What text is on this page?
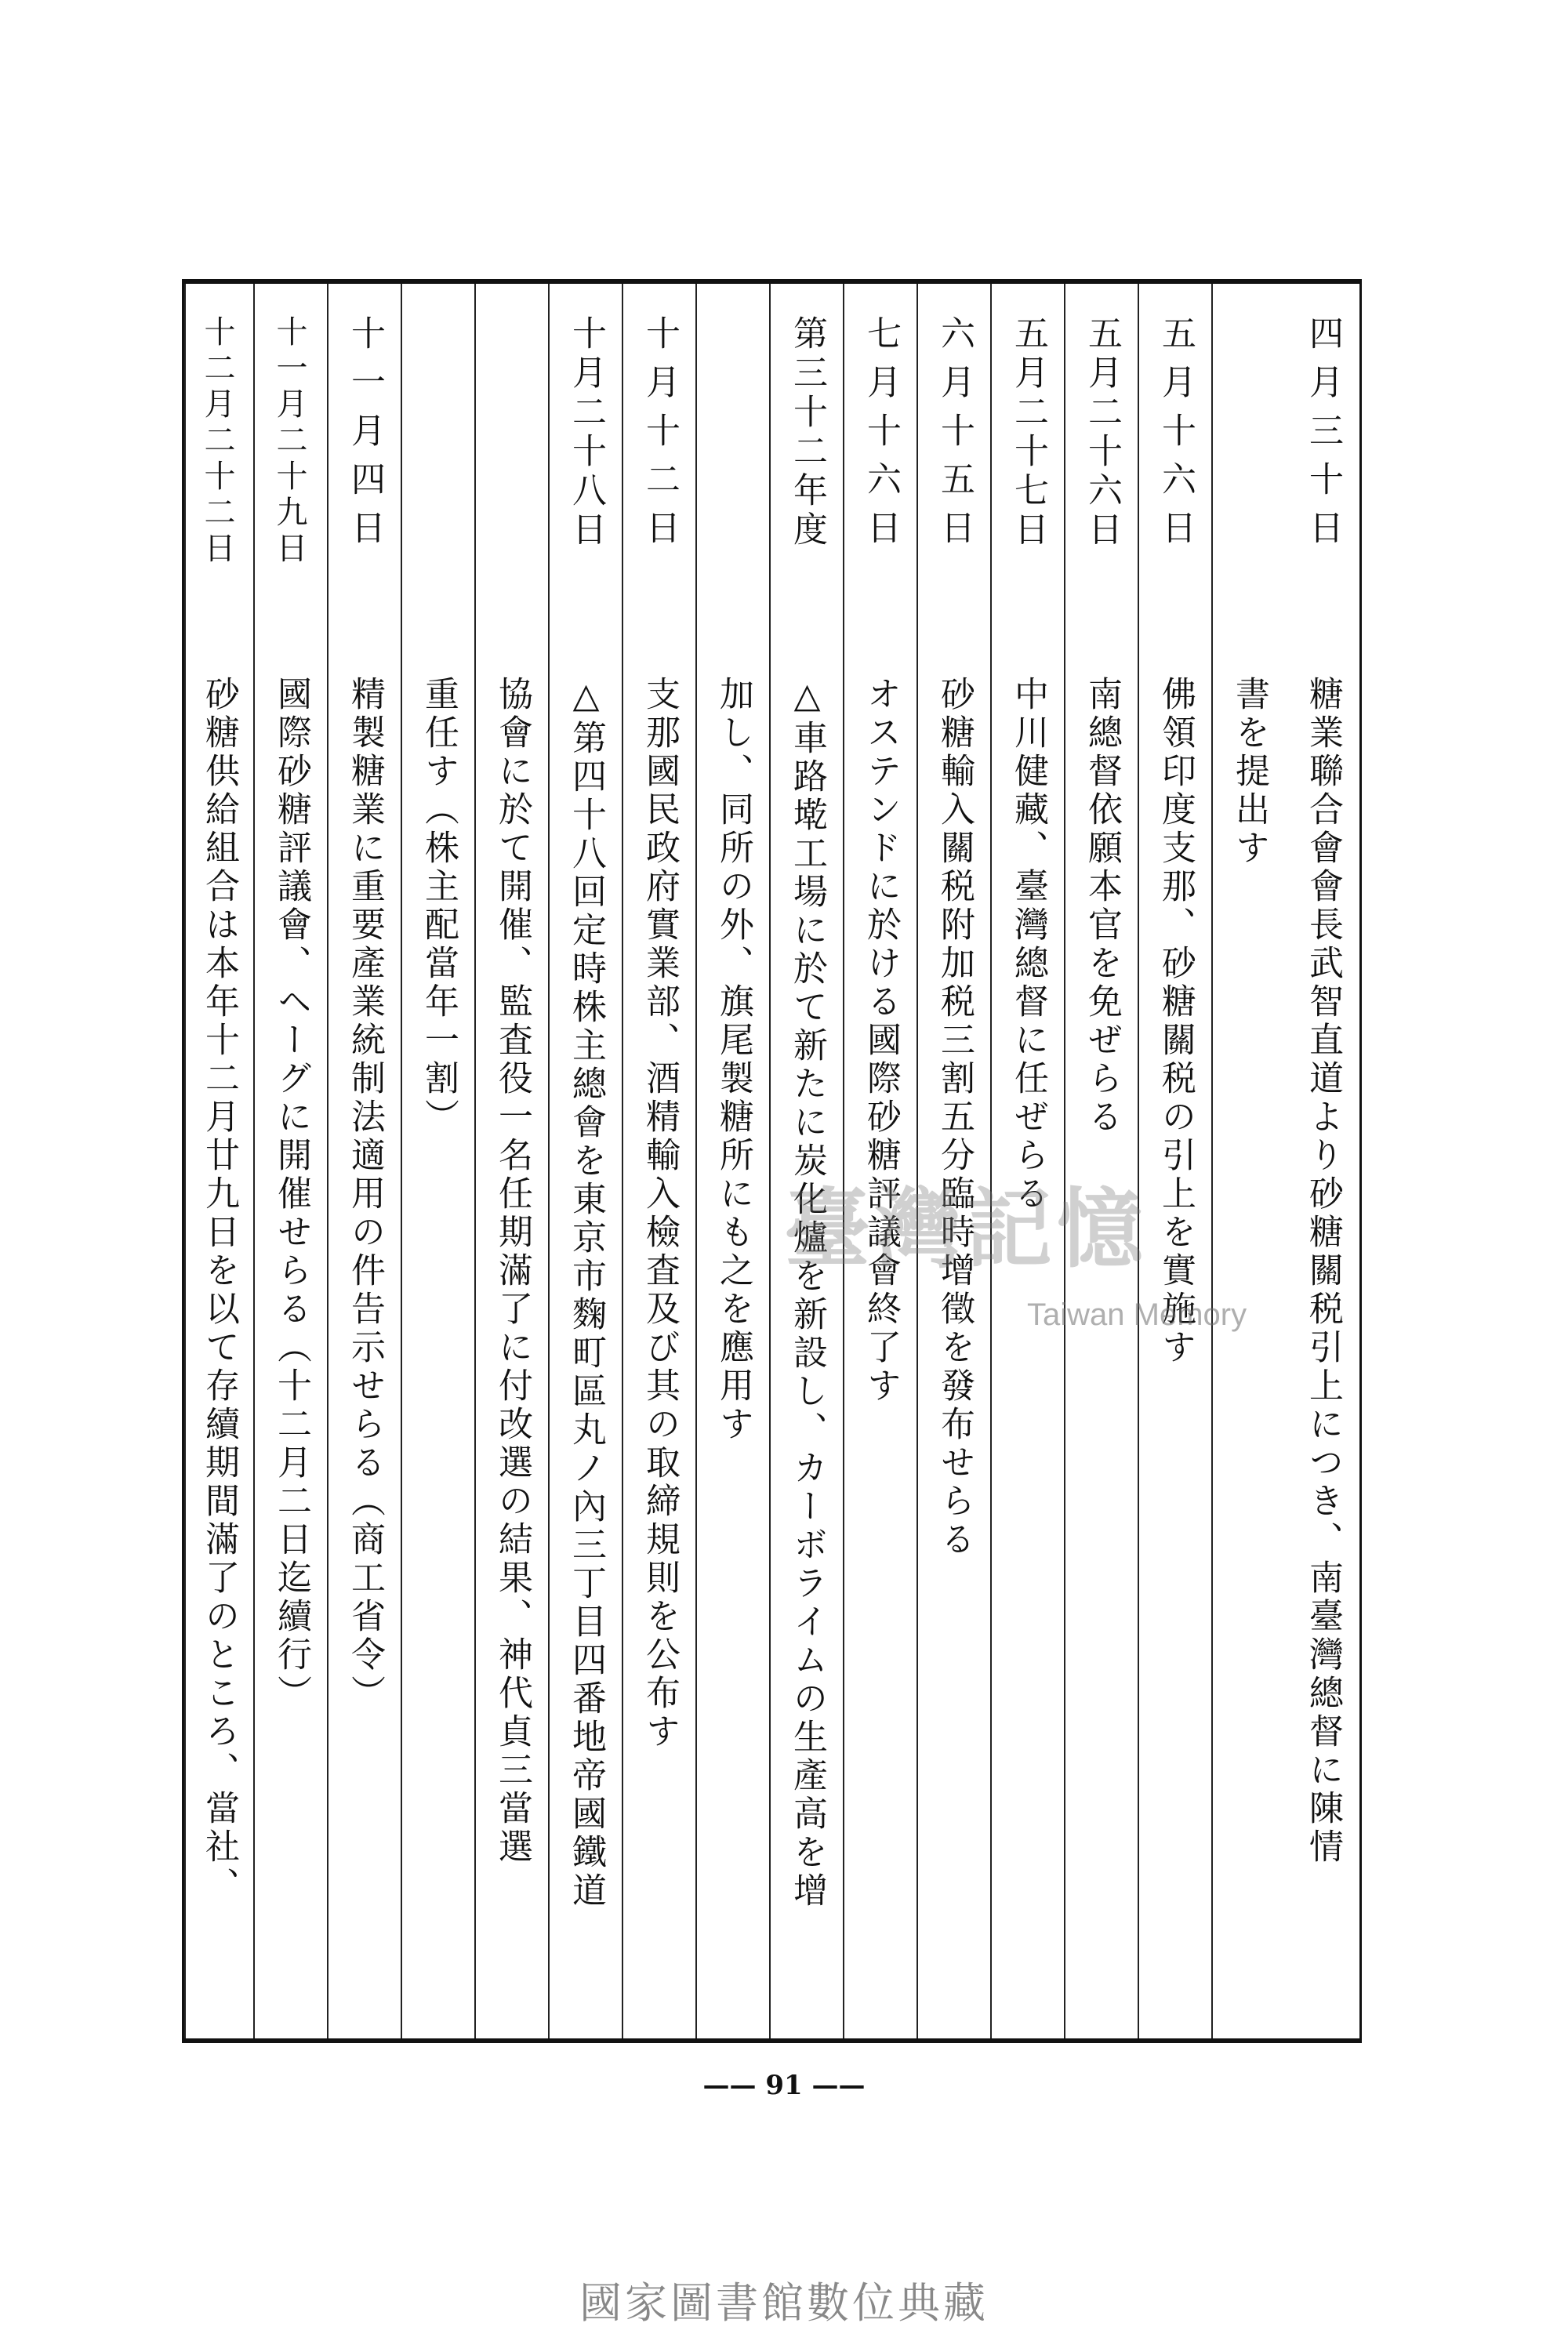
四月三十日
糖業聯合會會長武智直道より砂糖關税引上につき、南臺灣總督に陳情
書を提出す
五月十六日
佛領印度支那、砂糖關税の引上を實施す
五月二十六日
南總督依願本官を免ぜらる
五月二十七日
中川健藏、臺灣總督に任ぜらる
六月十五日
砂糖輸入關税附加税三割五分臨時增徵を發布せらる
七月十六日
オステンドに於ける國際砂糖評議會終了す
第三十二年度
△車路墘工場に於て新たに炭化爐を新設し、カーボライムの生產高を增
加し、同所の外、旗尾製糖所にも之を應用す
十月十二日
支那國民政府實業部、酒精輸入檢査及び其の取締規則を公布す
十月二十八日
△第四十八回定時株主總會を東京市麴町區丸ノ內三丁目四番地帝國鐵道
協會に於て開催、監査役一名任期滿了に付改選の結果、神代貞三當選
重任す（株主配當年一割）
十一月四日
精製糖業に重要產業統制法適用の件告示せらる（商工省令）
十一月二十九日
國際砂糖評議會、ヘーグに開催せらる（十二月二日迄續行）
十二月二十二日
砂糖供給組合は本年十二月廿九日を以て存續期間滿了のところ、當社、	臺灣記憶
Taiwan Memory
—— 91 ——
國家圖書館數位典藏
